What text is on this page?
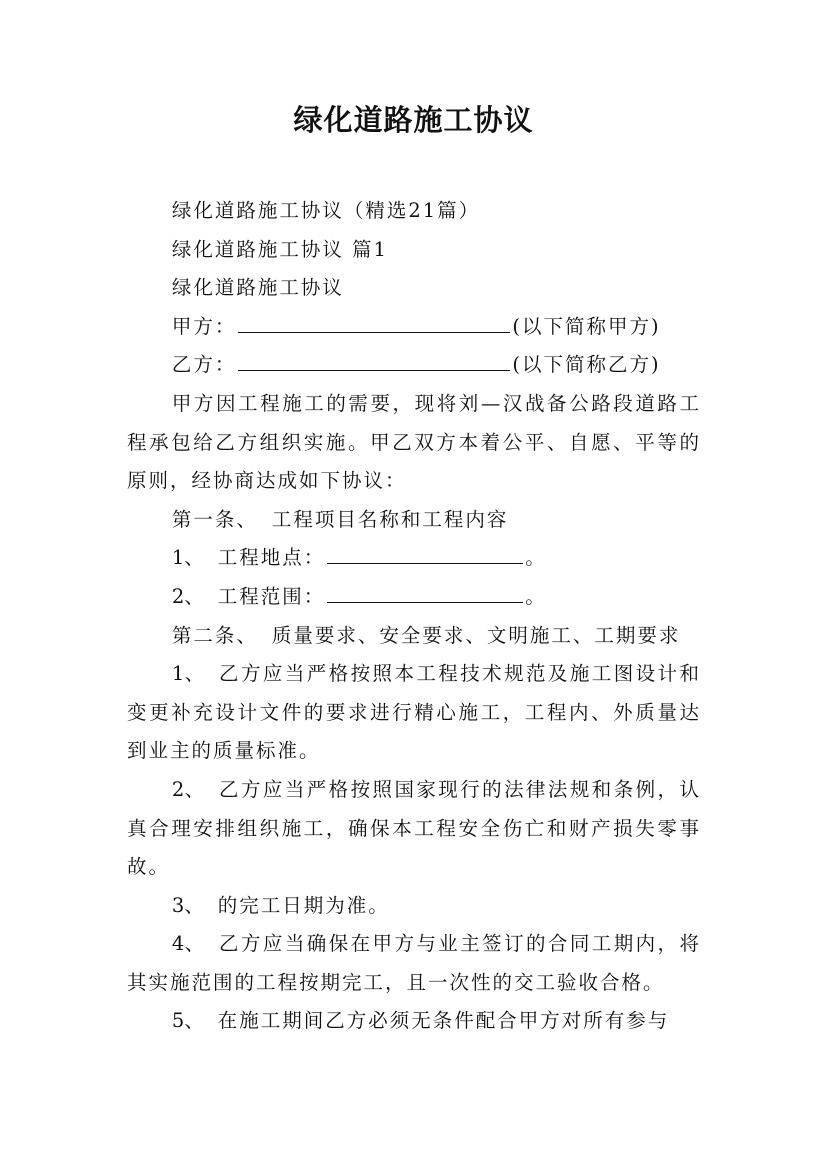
绿化道路施工协议

绿化道路施工协议（精选21篇）

绿化道路施工协议 篇1

绿化道路施工协议

甲方：	(以下简称甲方)

乙方：	(以下简称乙方)

甲方因工程施工的需要，现将刘—汉战备公路段道路工程承包给乙方组织实施。甲乙双方本着公平、自愿、平等的原则，经协商达成如下协议：

第一条、 工程项目名称和工程内容

1、 工程地点：	。

2、 工程范围：	。

第二条、 质量要求、安全要求、文明施工、工期要求

1、 乙方应当严格按照本工程技术规范及施工图设计和变更补充设计文件的要求进行精心施工，工程内、外质量达到业主的质量标准。

2、 乙方应当严格按照国家现行的法律法规和条例，认真合理安排组织施工，确保本工程安全伤亡和财产损失零事故。

3、 的完工日期为准。

4、 乙方应当确保在甲方与业主签订的合同工期内，将其实施范围的工程按期完工，且一次性的交工验收合格。

5、 在施工期间乙方必须无条件配合甲方对所有参与
